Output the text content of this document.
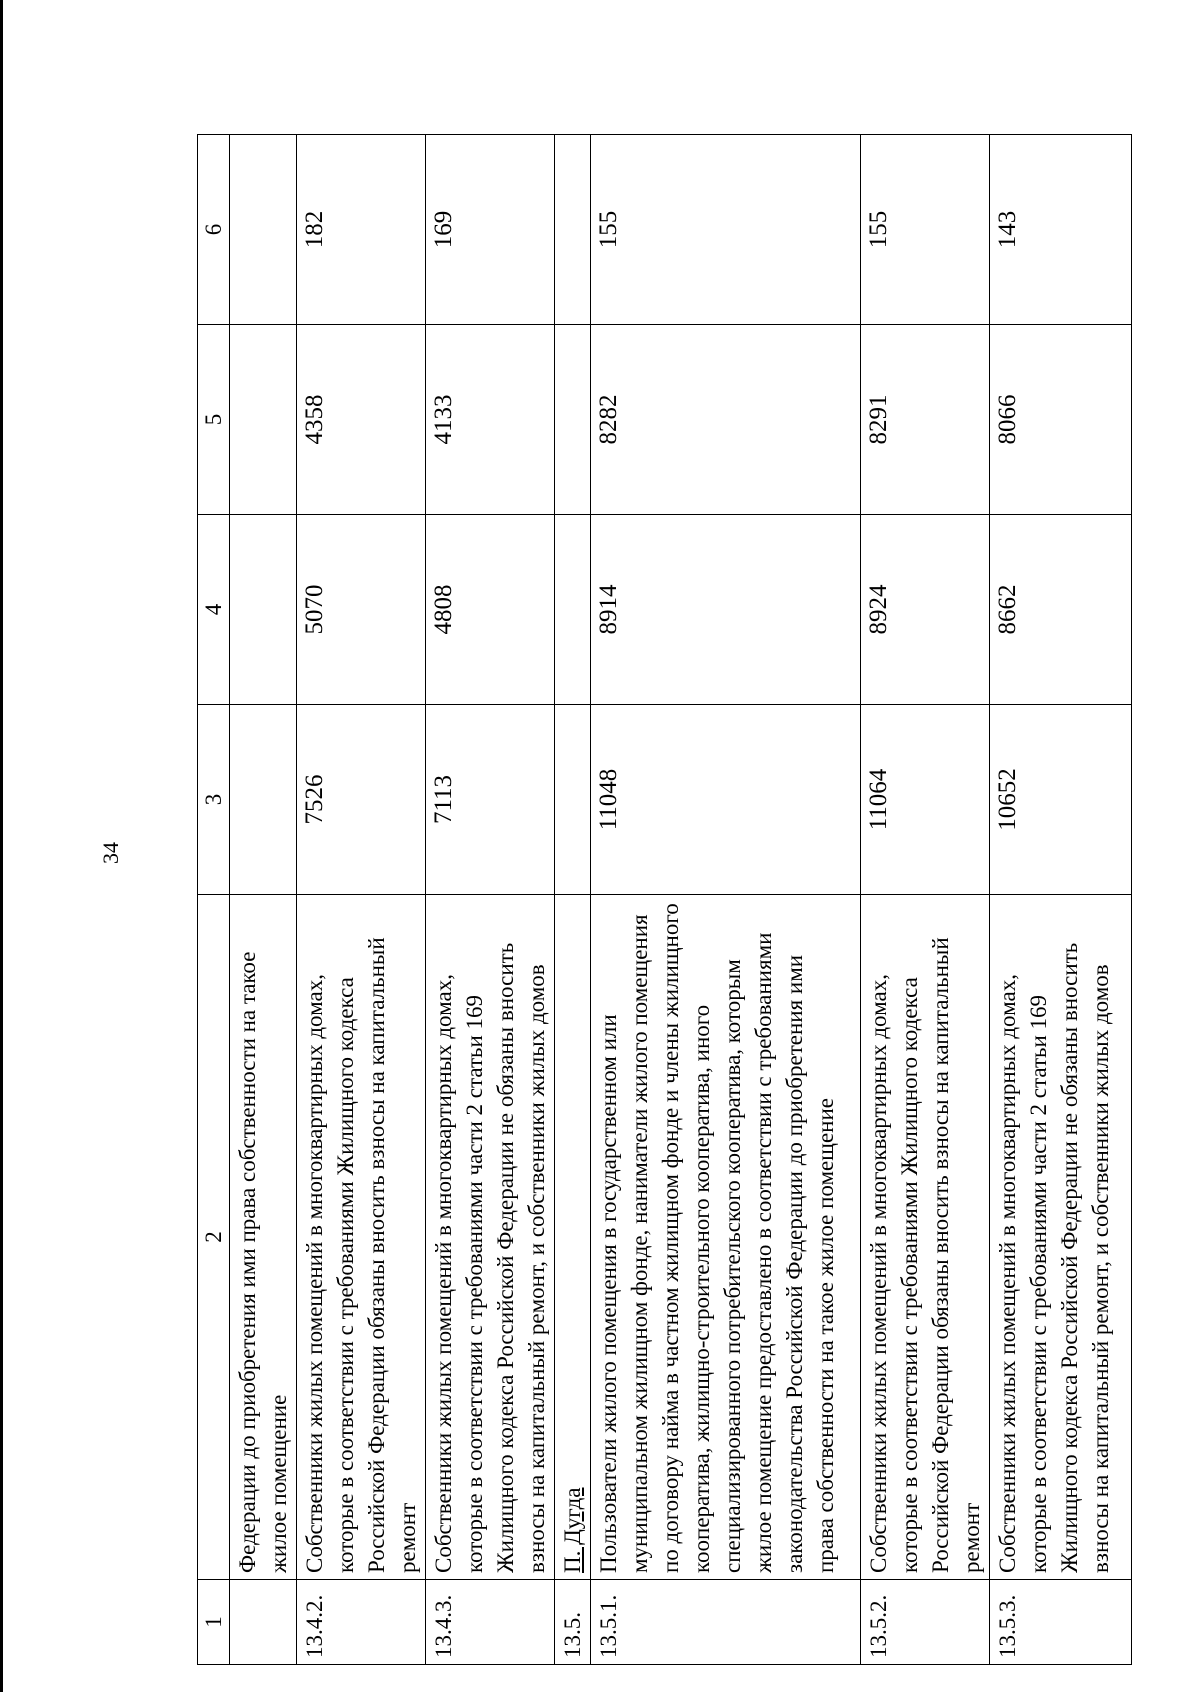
34
1	2	3	4	5	6
	Федерации до приобретения ими права собственности на такое жилое помещение				
13.4.2.	Собственники жилых помещений в многоквартирных домах, которые в соответствии с требованиями Жилищного кодекса Российской Федерации обязаны вносить взносы на капитальный ремонт	7526	5070	4358	182
13.4.3.	Собственники жилых помещений в многоквартирных домах, которые в соответствии с требованиями части 2 статьи 169 Жилищного кодекса Российской Федерации не обязаны вносить взносы на капитальный ремонт, и собственники жилых домов	7113	4808	4133	169
13.5.	П. Дугда				
13.5.1.	Пользователи жилого помещения в государственном или муниципальном жилищном фонде, наниматели жилого помещения по договору найма в частном жилищном фонде и члены жилищного кооператива, жилищно-строительного кооператива, иного специализированного потребительского кооператива, которым жилое помещение предоставлено в соответствии с требованиями законодательства Российской Федерации до приобретения ими права собственности на такое жилое помещение	11048	8914	8282	155
13.5.2.	Собственники жилых помещений в многоквартирных домах, которые в соответствии с требованиями Жилищного кодекса Российской Федерации обязаны вносить взносы на капитальный ремонт	11064	8924	8291	155
13.5.3.	Собственники жилых помещений в многоквартирных домах, которые в соответствии с требованиями части 2 статьи 169 Жилищного кодекса Российской Федерации не обязаны вносить взносы на капитальный ремонт, и собственники жилых домов	10652	8662	8066	143
